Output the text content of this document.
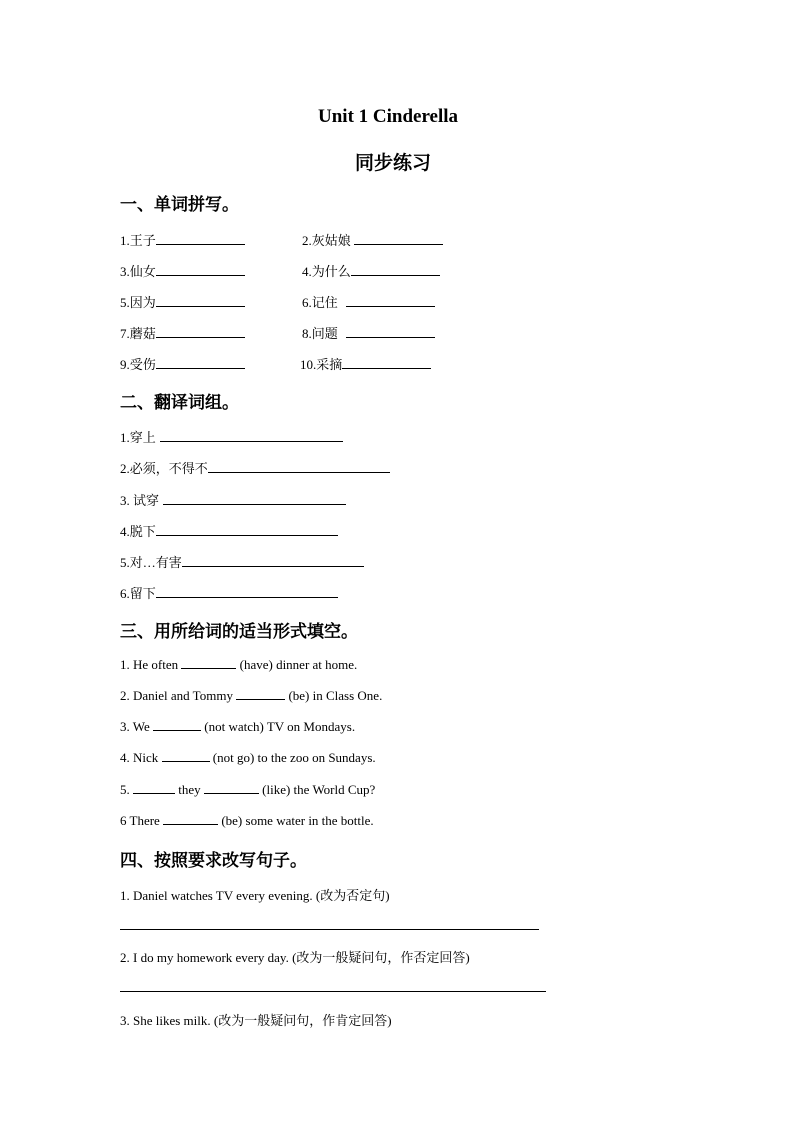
Unit 1 Cinderella
同步练习
一、单词拼写。
1.王子	2.灰姑娘
3.仙女	4.为什么
5.因为	6.记住
7.蘑菇	8.问题
9.受伤	10.采摘
二、翻译词组。
1.穿上
2.必须，不得不
3. 试穿
4.脱下
5.对…有害
6.留下
三、用所给词的适当形式填空。
1. He often	(have) dinner at home.
2. Daniel and Tommy	(be) in Class One.
3. We	(not watch) TV on Mondays.
4. Nick	(not go) to the zoo on Sundays.
5.	they	(like) the World Cup?
6 There	(be) some water in the bottle.
四、按照要求改写句子。
1. Daniel watches TV every evening. (改为否定句)
2. I do my homework every day. (改为一般疑问句，作否定回答)
3. She likes milk. (改为一般疑问句，作肯定回答)
